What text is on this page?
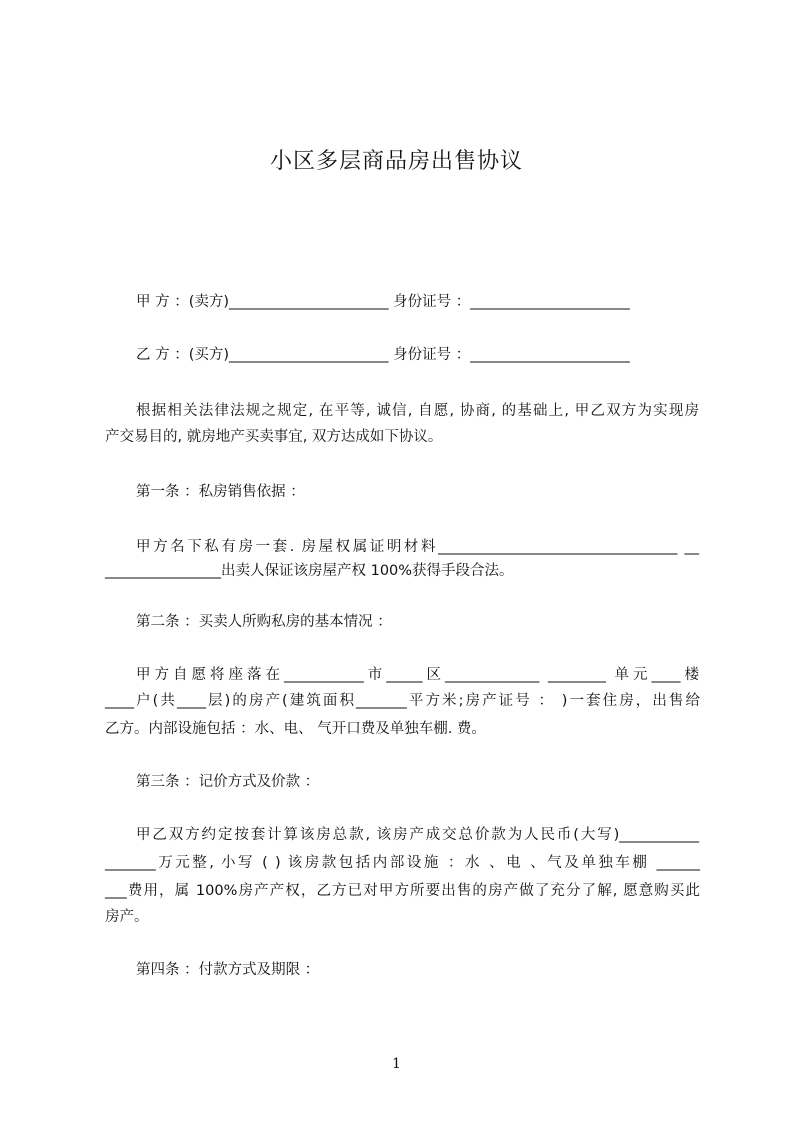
小区多层商品房出售协议
甲 方 ：(卖方)______________________ 身份证号 ：______________________
乙 方 ：(买方)______________________ 身份证号 ：______________________
根据相关法律法规之规定, 在平等, 诚信, 自愿, 协商, 的基础上, 甲乙双方为实现房
产交易目的, 就房地产买卖事宜, 双方达成如下协议。
第一条 ：私房销售依据 ：
甲方名下私有房一套. 房屋权属证明材料_________________________________ __
________________出卖人保证该房屋产权 100%获得手段合法。
第二条 ：买卖人所购私房的基本情况 ：
甲方自愿将座落在___________市_____区_____________ ________ 单元____楼
____户(共____层)的房产(建筑面积_______平方米;房产证号 ： )一套住房，出售给
乙方。内部设施包括 ：水、电、 气开口费及单独车棚. 费。
第三条 ：记价方式及价款 ：
甲乙双方约定按套计算该房总款, 该房产成交总价款为人民币(大写)___________
_______万元整, 小写 ( ) 该房款包括内部设施 ：水 、电 、气及单独车棚 ______
___费用，属 100%房产产权，乙方已对甲方所要出售的房产做了充分了解, 愿意购买此
房产。
第四条 ：付款方式及期限 ：
1
